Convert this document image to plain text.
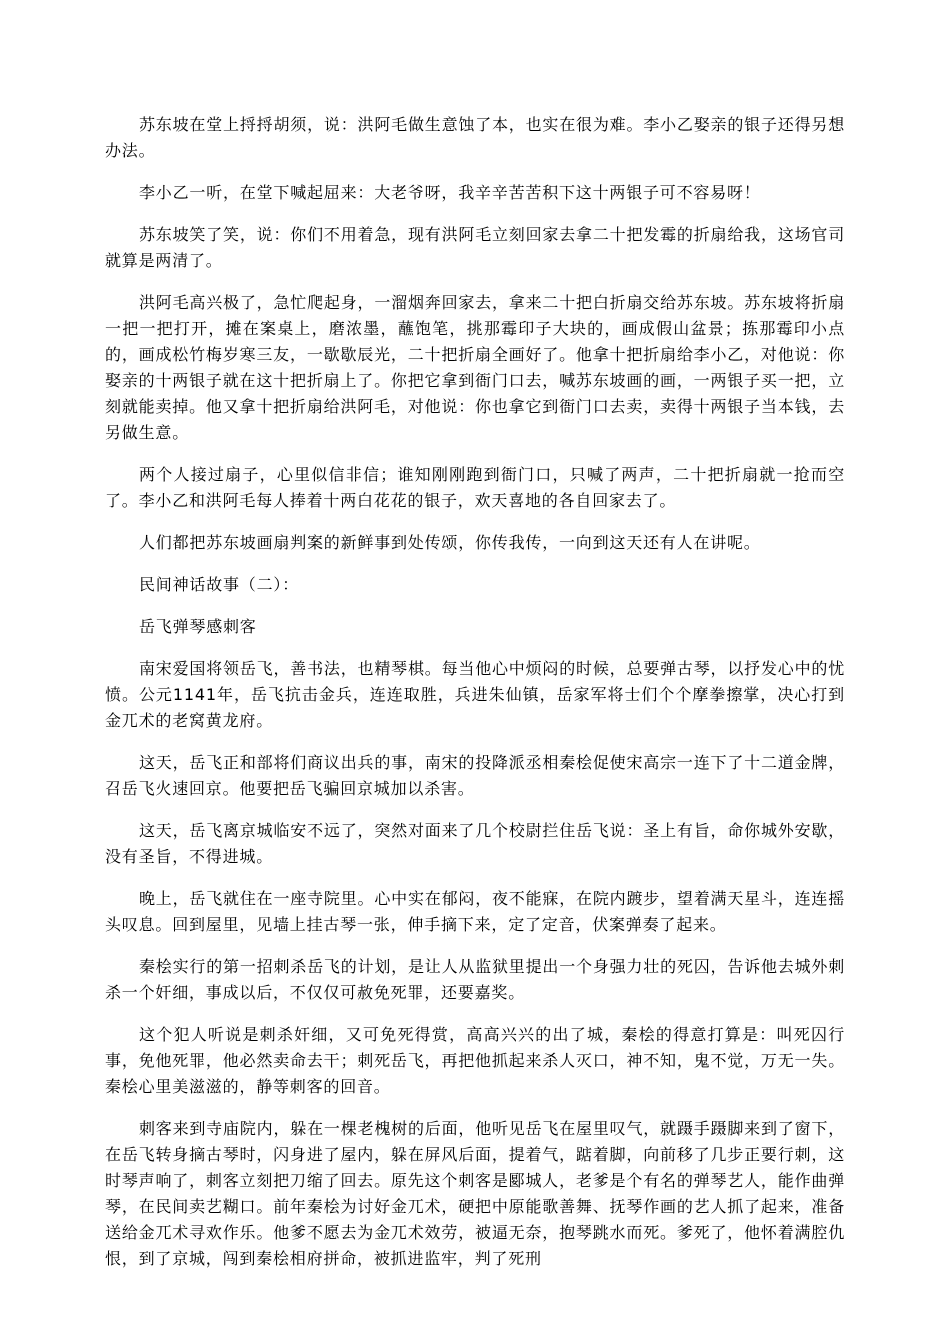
苏东坡在堂上捋捋胡须，说：洪阿毛做生意蚀了本，也实在很为难。李小乙娶亲的银子还得另想办法。

李小乙一听，在堂下喊起屈来：大老爷呀，我辛辛苦苦积下这十两银子可不容易呀！

苏东坡笑了笑，说：你们不用着急，现有洪阿毛立刻回家去拿二十把发霉的折扇给我，这场官司就算是两清了。

洪阿毛高兴极了，急忙爬起身，一溜烟奔回家去，拿来二十把白折扇交给苏东坡。苏东坡将折扇一把一把打开，摊在案桌上，磨浓墨，蘸饱笔，挑那霉印子大块的，画成假山盆景；拣那霉印小点的，画成松竹梅岁寒三友，一歇歇辰光，二十把折扇全画好了。他拿十把折扇给李小乙，对他说：你娶亲的十两银子就在这十把折扇上了。你把它拿到衙门口去，喊苏东坡画的画，一两银子买一把，立刻就能卖掉。他又拿十把折扇给洪阿毛，对他说：你也拿它到衙门口去卖，卖得十两银子当本钱，去另做生意。

两个人接过扇子，心里似信非信；谁知刚刚跑到衙门口，只喊了两声，二十把折扇就一抢而空了。李小乙和洪阿毛每人捧着十两白花花的银子，欢天喜地的各自回家去了。

人们都把苏东坡画扇判案的新鲜事到处传颂，你传我传，一向到这天还有人在讲呢。

民间神话故事（二）：

岳飞弹琴感刺客

南宋爱国将领岳飞，善书法，也精琴棋。每当他心中烦闷的时候，总要弹古琴，以抒发心中的忧愤。公元1141年，岳飞抗击金兵，连连取胜，兵进朱仙镇，岳家军将士们个个摩拳擦掌，决心打到金兀术的老窝黄龙府。

这天，岳飞正和部将们商议出兵的事，南宋的投降派丞相秦桧促使宋高宗一连下了十二道金牌，召岳飞火速回京。他要把岳飞骗回京城加以杀害。

这天，岳飞离京城临安不远了，突然对面来了几个校尉拦住岳飞说：圣上有旨，命你城外安歇，没有圣旨，不得进城。

晚上，岳飞就住在一座寺院里。心中实在郁闷，夜不能寐，在院内踱步，望着满天星斗，连连摇头叹息。回到屋里，见墙上挂古琴一张，伸手摘下来，定了定音，伏案弹奏了起来。

秦桧实行的第一招刺杀岳飞的计划，是让人从监狱里提出一个身强力壮的死囚，告诉他去城外刺杀一个奸细，事成以后，不仅仅可赦免死罪，还要嘉奖。

这个犯人听说是刺杀奸细，又可免死得赏，高高兴兴的出了城，秦桧的得意打算是：叫死囚行事，免他死罪，他必然卖命去干；刺死岳飞，再把他抓起来杀人灭口，神不知，鬼不觉，万无一失。秦桧心里美滋滋的，静等刺客的回音。

刺客来到寺庙院内，躲在一棵老槐树的后面，他听见岳飞在屋里叹气，就蹑手蹑脚来到了窗下，在岳飞转身摘古琴时，闪身进了屋内，躲在屏风后面，提着气，踮着脚，向前移了几步正要行刺，这时琴声响了，刺客立刻把刀缩了回去。原先这个刺客是郾城人，老爹是个有名的弹琴艺人，能作曲弹琴，在民间卖艺糊口。前年秦桧为讨好金兀术，硬把中原能歌善舞、抚琴作画的艺人抓了起来，准备送给金兀术寻欢作乐。他爹不愿去为金兀术效劳，被逼无奈，抱琴跳水而死。爹死了，他怀着满腔仇恨，到了京城，闯到秦桧相府拼命，被抓进监牢，判了死刑
